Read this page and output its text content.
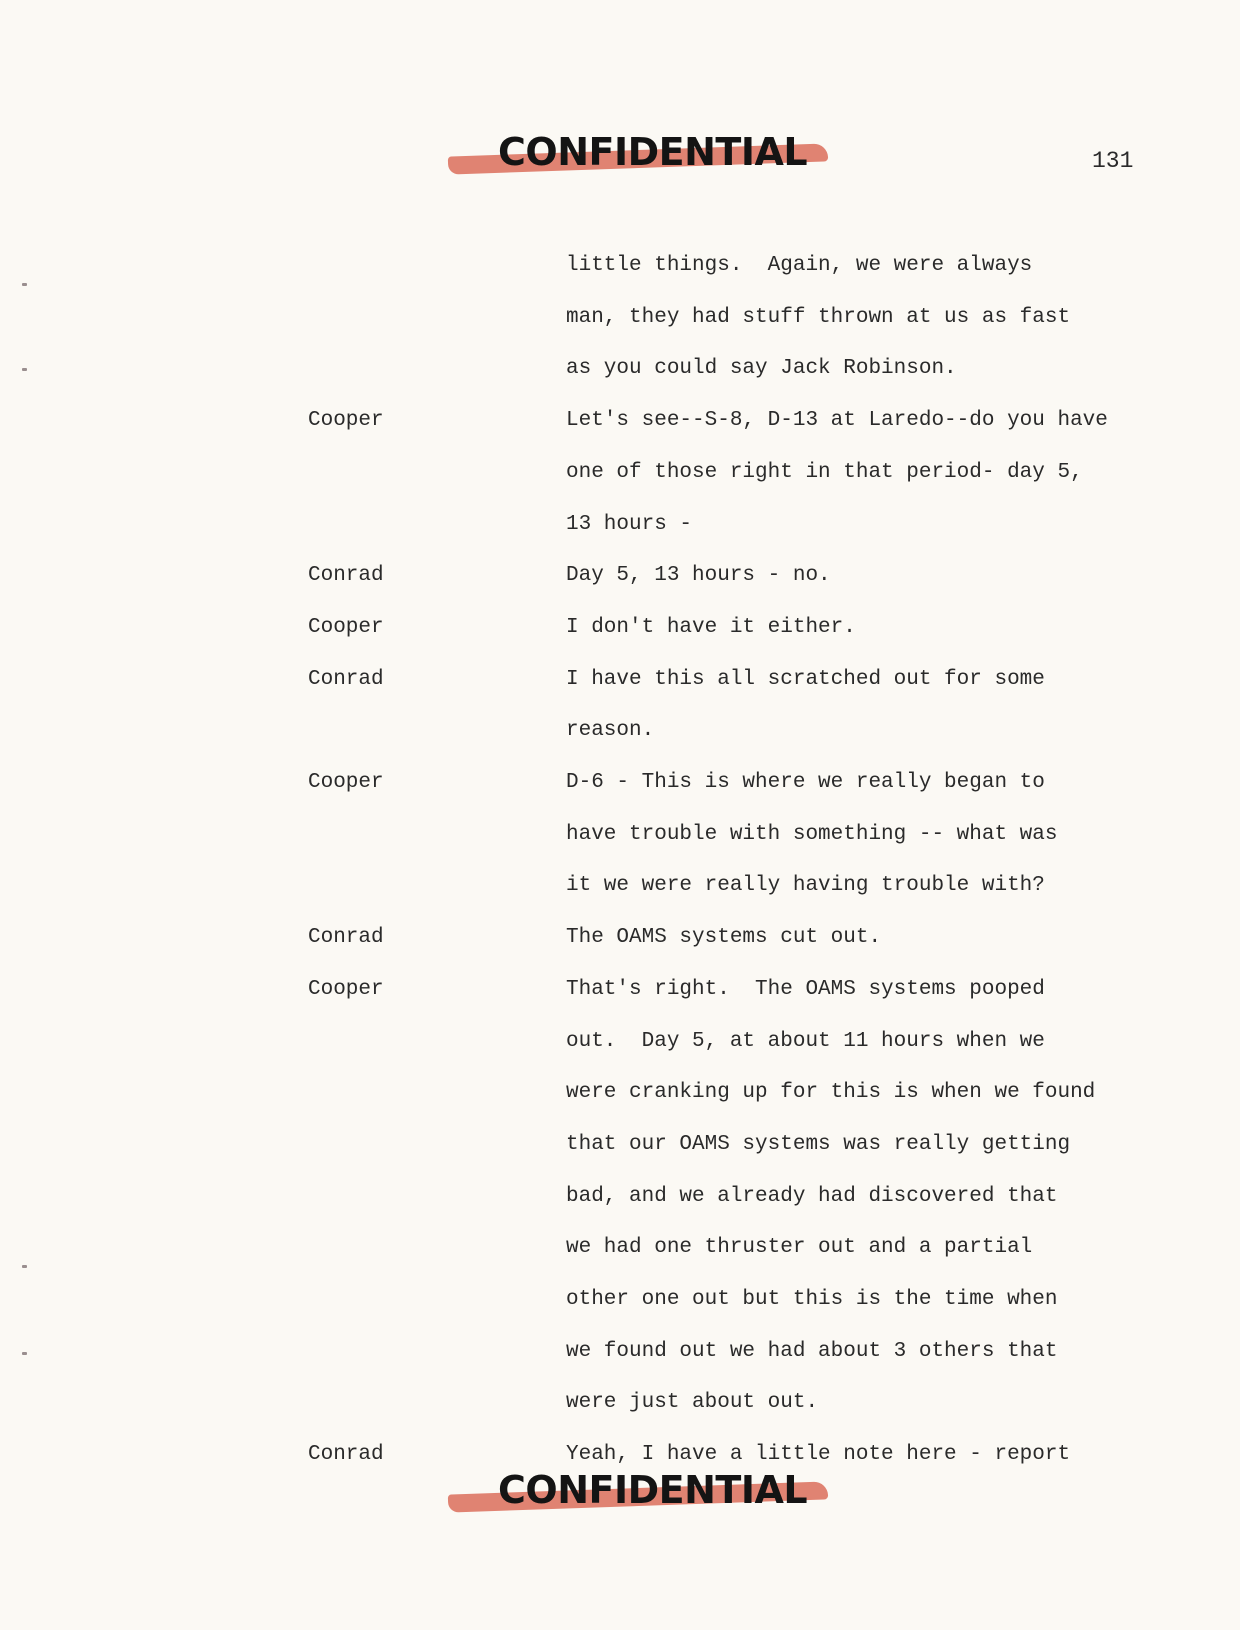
CONFIDENTIAL	131
little things.  Again, we were always
man, they had stuff thrown at us as fast
as you could say Jack Robinson.
Cooper	Let's see--S-8, D-13 at Laredo--do you have
one of those right in that period- day 5,
13 hours -
Conrad	Day 5, 13 hours - no.
Cooper	I don't have it either.
Conrad	I have this all scratched out for some
reason.
Cooper	D-6 - This is where we really began to
have trouble with something -- what was
it we were really having trouble with?
Conrad	The OAMS systems cut out.
Cooper	That's right.  The OAMS systems pooped
out.  Day 5, at about 11 hours when we
were cranking up for this is when we found
that our OAMS systems was really getting
bad, and we already had discovered that
we had one thruster out and a partial
other one out but this is the time when
we found out we had about 3 others that
were just about out.
Conrad	Yeah, I have a little note here - report
CONFIDENTIAL
